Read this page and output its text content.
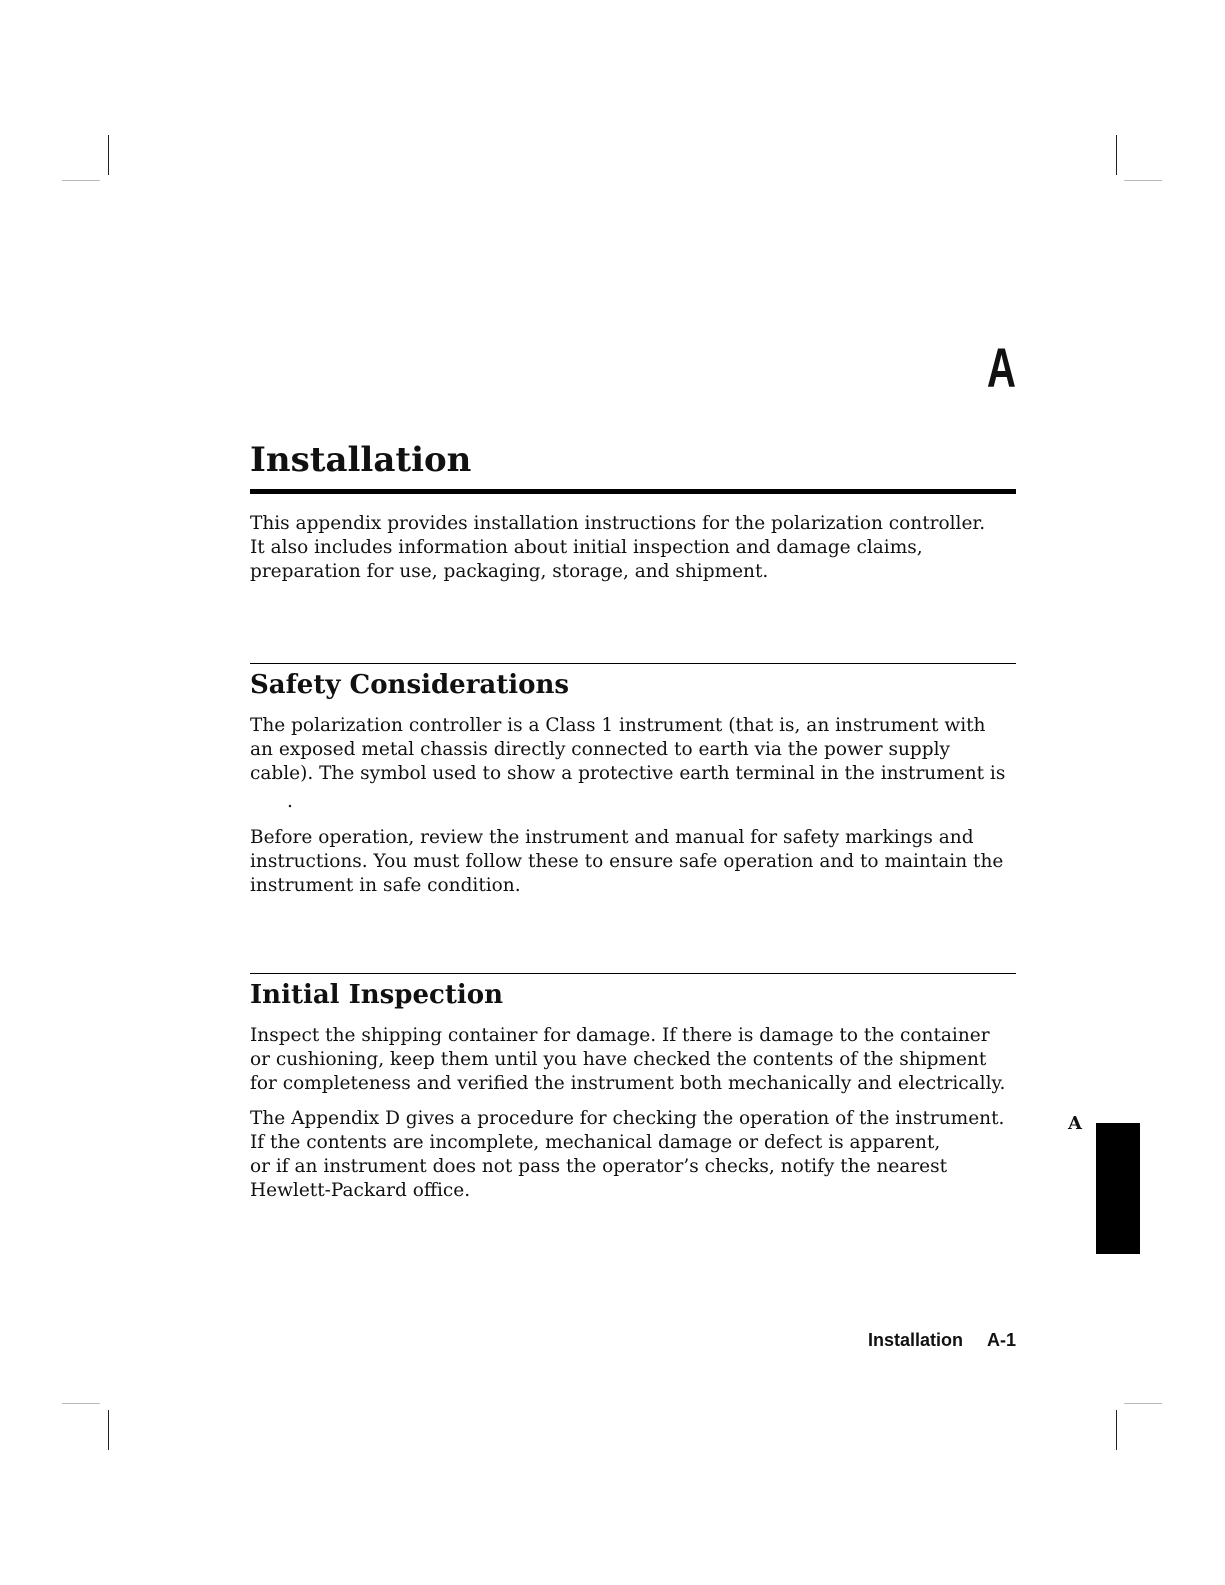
A
Installation

This appendix provides installation instructions for the polarization controller.
It also includes information about initial inspection and damage claims,
preparation for use, packaging, storage, and shipment.

Safety Considerations

The polarization controller is a Class 1 instrument (that is, an instrument with
an exposed metal chassis directly connected to earth via the power supply
cable). The symbol used to show a protective earth terminal in the instrument is

.

Before operation, review the instrument and manual for safety markings and
instructions. You must follow these to ensure safe operation and to maintain the
instrument in safe condition.

Initial Inspection

Inspect the shipping container for damage. If there is damage to the container
or cushioning, keep them until you have checked the contents of the shipment
for completeness and verified the instrument both mechanically and electrically.

The Appendix D gives a procedure for checking the operation of the instrument.
If the contents are incomplete, mechanical damage or defect is apparent,
or if an instrument does not pass the operator’s checks, notify the nearest
Hewlett-Packard office.

A
Installation A-1
